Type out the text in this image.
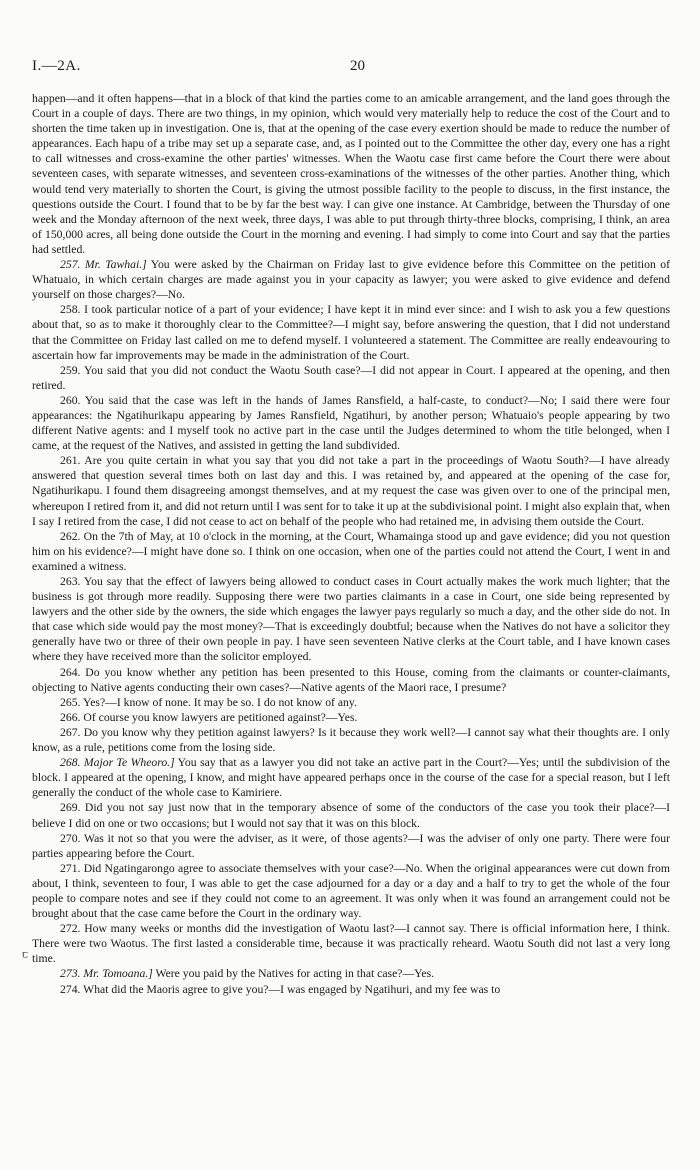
I.—2A.	20
ꞇ

happen—and it often happens—that in a block of that kind the parties come to an amicable arrangement, and the land goes through the Court in a couple of days. There are two things, in my opinion, which would very materially help to reduce the cost of the Court and to shorten the time taken up in investigation. One is, that at the opening of the case every exertion should be made to reduce the number of appearances. Each hapu of a tribe may set up a separate case, and, as I pointed out to the Committee the other day, every one has a right to call witnesses and cross-examine the other parties' witnesses. When the Waotu case first came before the Court there were about seventeen cases, with separate witnesses, and seventeen cross-examinations of the witnesses of the other parties. Another thing, which would tend very materially to shorten the Court, is giving the utmost possible facility to the people to discuss, in the first instance, the questions outside the Court. I found that to be by far the best way. I can give one instance. At Cambridge, between the Thursday of one week and the Monday afternoon of the next week, three days, I was able to put through thirty-three blocks, comprising, I think, an area of 150,000 acres, all being done outside the Court in the morning and evening. I had simply to come into Court and say that the parties had settled.

257. Mr. Tawhai.] You were asked by the Chairman on Friday last to give evidence before this Committee on the petition of Whatuaio, in which certain charges are made against you in your capacity as lawyer; you were asked to give evidence and defend yourself on those charges?—No.

258. I took particular notice of a part of your evidence; I have kept it in mind ever since: and I wish to ask you a few questions about that, so as to make it thoroughly clear to the Committee?—I might say, before answering the question, that I did not understand that the Committee on Friday last called on me to defend myself. I volunteered a statement. The Committee are really endeavouring to ascertain how far improvements may be made in the administration of the Court.

259. You said that you did not conduct the Waotu South case?—I did not appear in Court. I appeared at the opening, and then retired.

260. You said that the case was left in the hands of James Ransfield, a half-caste, to conduct?—No; I said there were four appearances: the Ngatihurikapu appearing by James Ransfield, Ngatihuri, by another person; Whatuaio's people appearing by two different Native agents: and I myself took no active part in the case until the Judges determined to whom the title belonged, when I came, at the request of the Natives, and assisted in getting the land subdivided.

261. Are you quite certain in what you say that you did not take a part in the proceedings of Waotu South?—I have already answered that question several times both on last day and this. I was retained by, and appeared at the opening of the case for, Ngatihurikapu. I found them disagreeing amongst themselves, and at my request the case was given over to one of the principal men, whereupon I retired from it, and did not return until I was sent for to take it up at the subdivisional point. I might also explain that, when I say I retired from the case, I did not cease to act on behalf of the people who had retained me, in advising them outside the Court.

262. On the 7th of May, at 10 o'clock in the morning, at the Court, Whamainga stood up and gave evidence; did you not question him on his evidence?—I might have done so. I think on one occasion, when one of the parties could not attend the Court, I went in and examined a witness.

263. You say that the effect of lawyers being allowed to conduct cases in Court actually makes the work much lighter; that the business is got through more readily. Supposing there were two parties claimants in a case in Court, one side being represented by lawyers and the other side by the owners, the side which engages the lawyer pays regularly so much a day, and the other side do not. In that case which side would pay the most money?—That is exceedingly doubtful; because when the Natives do not have a solicitor they generally have two or three of their own people in pay. I have seen seventeen Native clerks at the Court table, and I have known cases where they have received more than the solicitor employed.

264. Do you know whether any petition has been presented to this House, coming from the claimants or counter-claimants, objecting to Native agents conducting their own cases?—Native agents of the Maori race, I presume?

265. Yes?—I know of none. It may be so. I do not know of any.

266. Of course you know lawyers are petitioned against?—Yes.

267. Do you know why they petition against lawyers? Is it because they work well?—I cannot say what their thoughts are. I only know, as a rule, petitions come from the losing side.

268. Major Te Wheoro.] You say that as a lawyer you did not take an active part in the Court?—Yes; until the subdivision of the block. I appeared at the opening, I know, and might have appeared perhaps once in the course of the case for a special reason, but I left generally the conduct of the whole case to Kamiriere.

269. Did you not say just now that in the temporary absence of some of the conductors of the case you took their place?—I believe I did on one or two occasions; but I would not say that it was on this block.

270. Was it not so that you were the adviser, as it were, of those agents?—I was the adviser of only one party. There were four parties appearing before the Court.

271. Did Ngatingarongo agree to associate themselves with your case?—No. When the original appearances were cut down from about, I think, seventeen to four, I was able to get the case adjourned for a day or a day and a half to try to get the whole of the four people to compare notes and see if they could not come to an agreement. It was only when it was found an arrangement could not be brought about that the case came before the Court in the ordinary way.

272. How many weeks or months did the investigation of Waotu last?—I cannot say. There is official information here, I think. There were two Waotus. The first lasted a considerable time, because it was practically reheard. Waotu South did not last a very long time.

273. Mr. Tomoana.] Were you paid by the Natives for acting in that case?—Yes.

274. What did the Maoris agree to give you?—I was engaged by Ngatihuri, and my fee was to
